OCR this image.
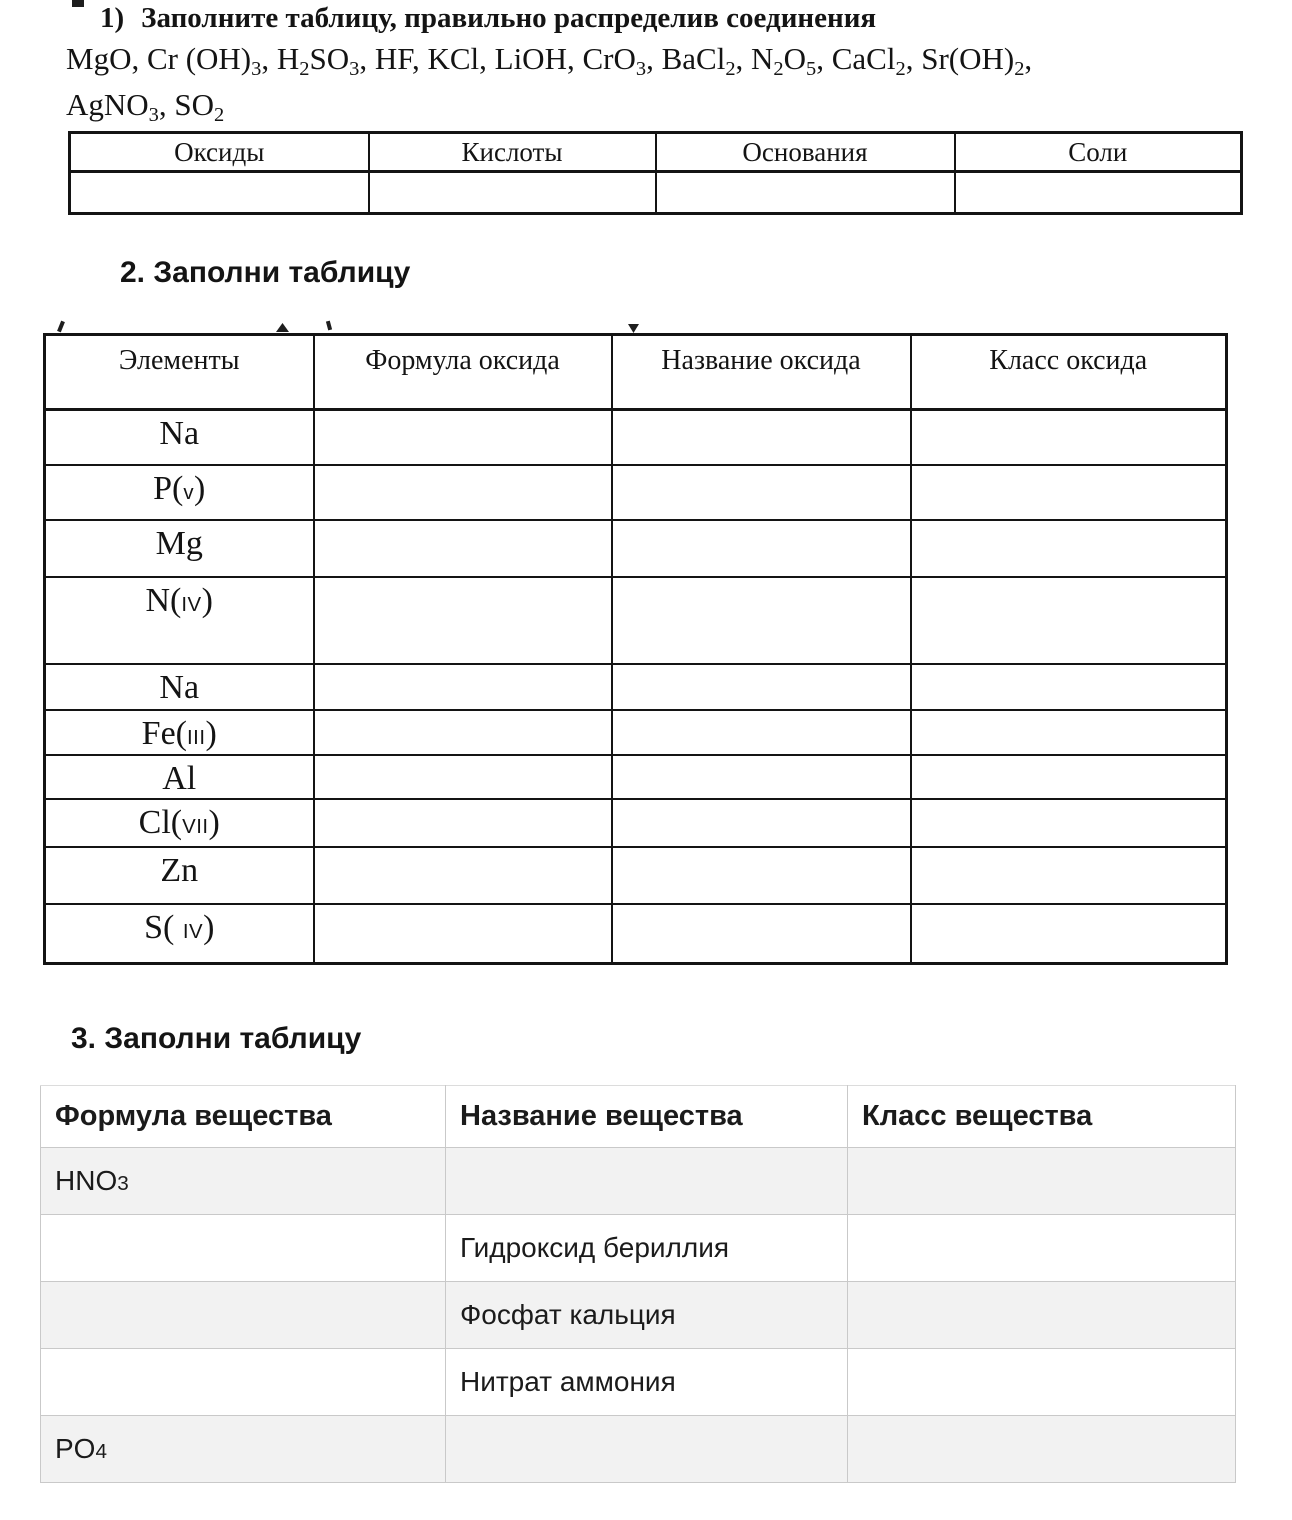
1) Заполните таблицу, правильно распределив соединения
MgO, Cr (OH)3, H2SO3, HF, KCl, LiOH, CrO3, BaCl2, N2O5, CaCl2, Sr(OH)2,
AgNO3, SO2
Оксиды	Кислоты	Основания	Соли

2. Заполни таблицу
Элементы	Формула оксида	Название оксида	Класс оксида
Na			
P(v)			
Mg			
N(IV)			
Na			
Fe(III)			
Al			
Cl(VII)			
Zn			
S( IV)			
3. Заполни таблицу
Формула вещества	Название вещества	Класс вещества
HNO3		
	Гидроксид бериллия	
	Фосфат кальция	
	Нитрат аммония	
PO4		
